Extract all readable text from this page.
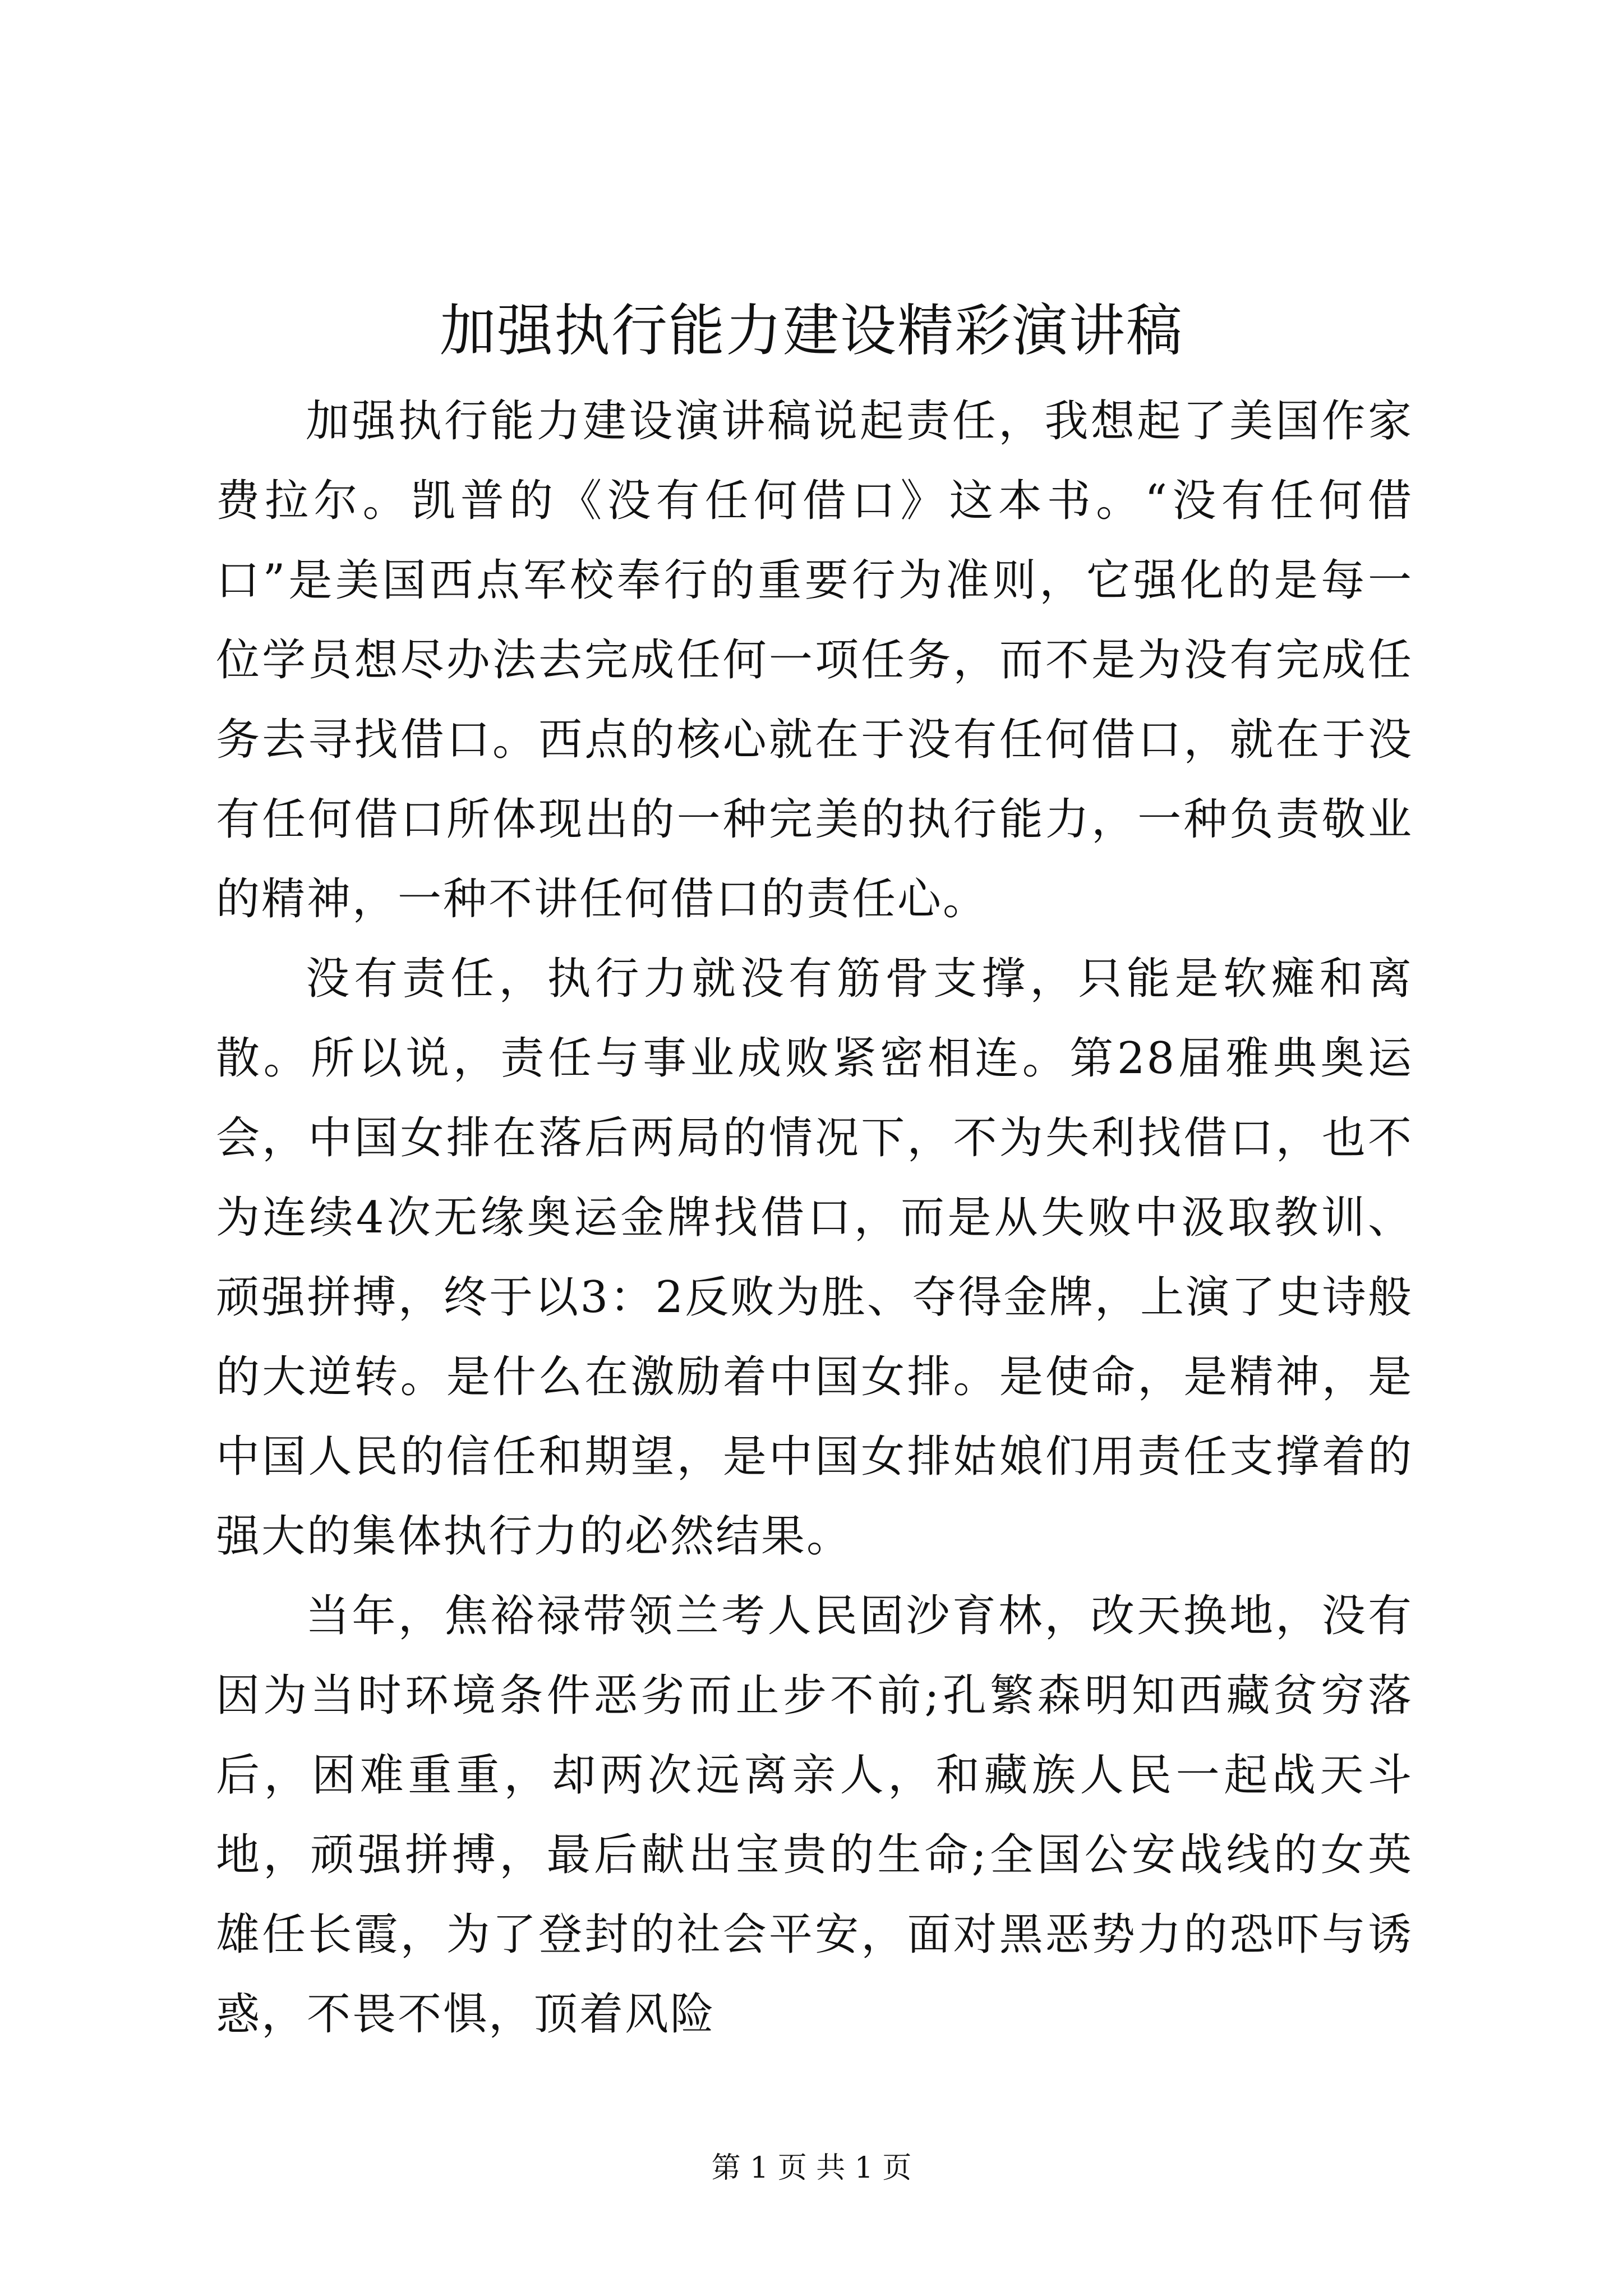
加强执行能力建设精彩演讲稿

加强执行能力建设演讲稿说起责任，我想起了美国作家费拉尔。凯普的《没有任何借口》这本书。“没有任何借口”是美国西点军校奉行的重要行为准则，它强化的是每一位学员想尽办法去完成任何一项任务，而不是为没有完成任务去寻找借口。西点的核心就在于没有任何借口，就在于没有任何借口所体现出的一种完美的执行能力，一种负责敬业的精神，一种不讲任何借口的责任心。

没有责任，执行力就没有筋骨支撑，只能是软瘫和离散。所以说，责任与事业成败紧密相连。第28届雅典奥运会，中国女排在落后两局的情况下，不为失利找借口，也不为连续4次无缘奥运金牌找借口，而是从失败中汲取教训、顽强拼搏，终于以3：2反败为胜、夺得金牌，上演了史诗般的大逆转。是什么在激励着中国女排。是使命，是精神，是中国人民的信任和期望，是中国女排姑娘们用责任支撑着的强大的集体执行力的必然结果。

当年，焦裕禄带领兰考人民固沙育林，改天换地，没有因为当时环境条件恶劣而止步不前;孔繁森明知西藏贫穷落后，困难重重，却两次远离亲人，和藏族人民一起战天斗地，顽强拼搏，最后献出宝贵的生命;全国公安战线的女英雄任长霞，为了登封的社会平安，面对黑恶势力的恐吓与诱惑，不畏不惧，顶着风险

第 1 页 共 1 页
